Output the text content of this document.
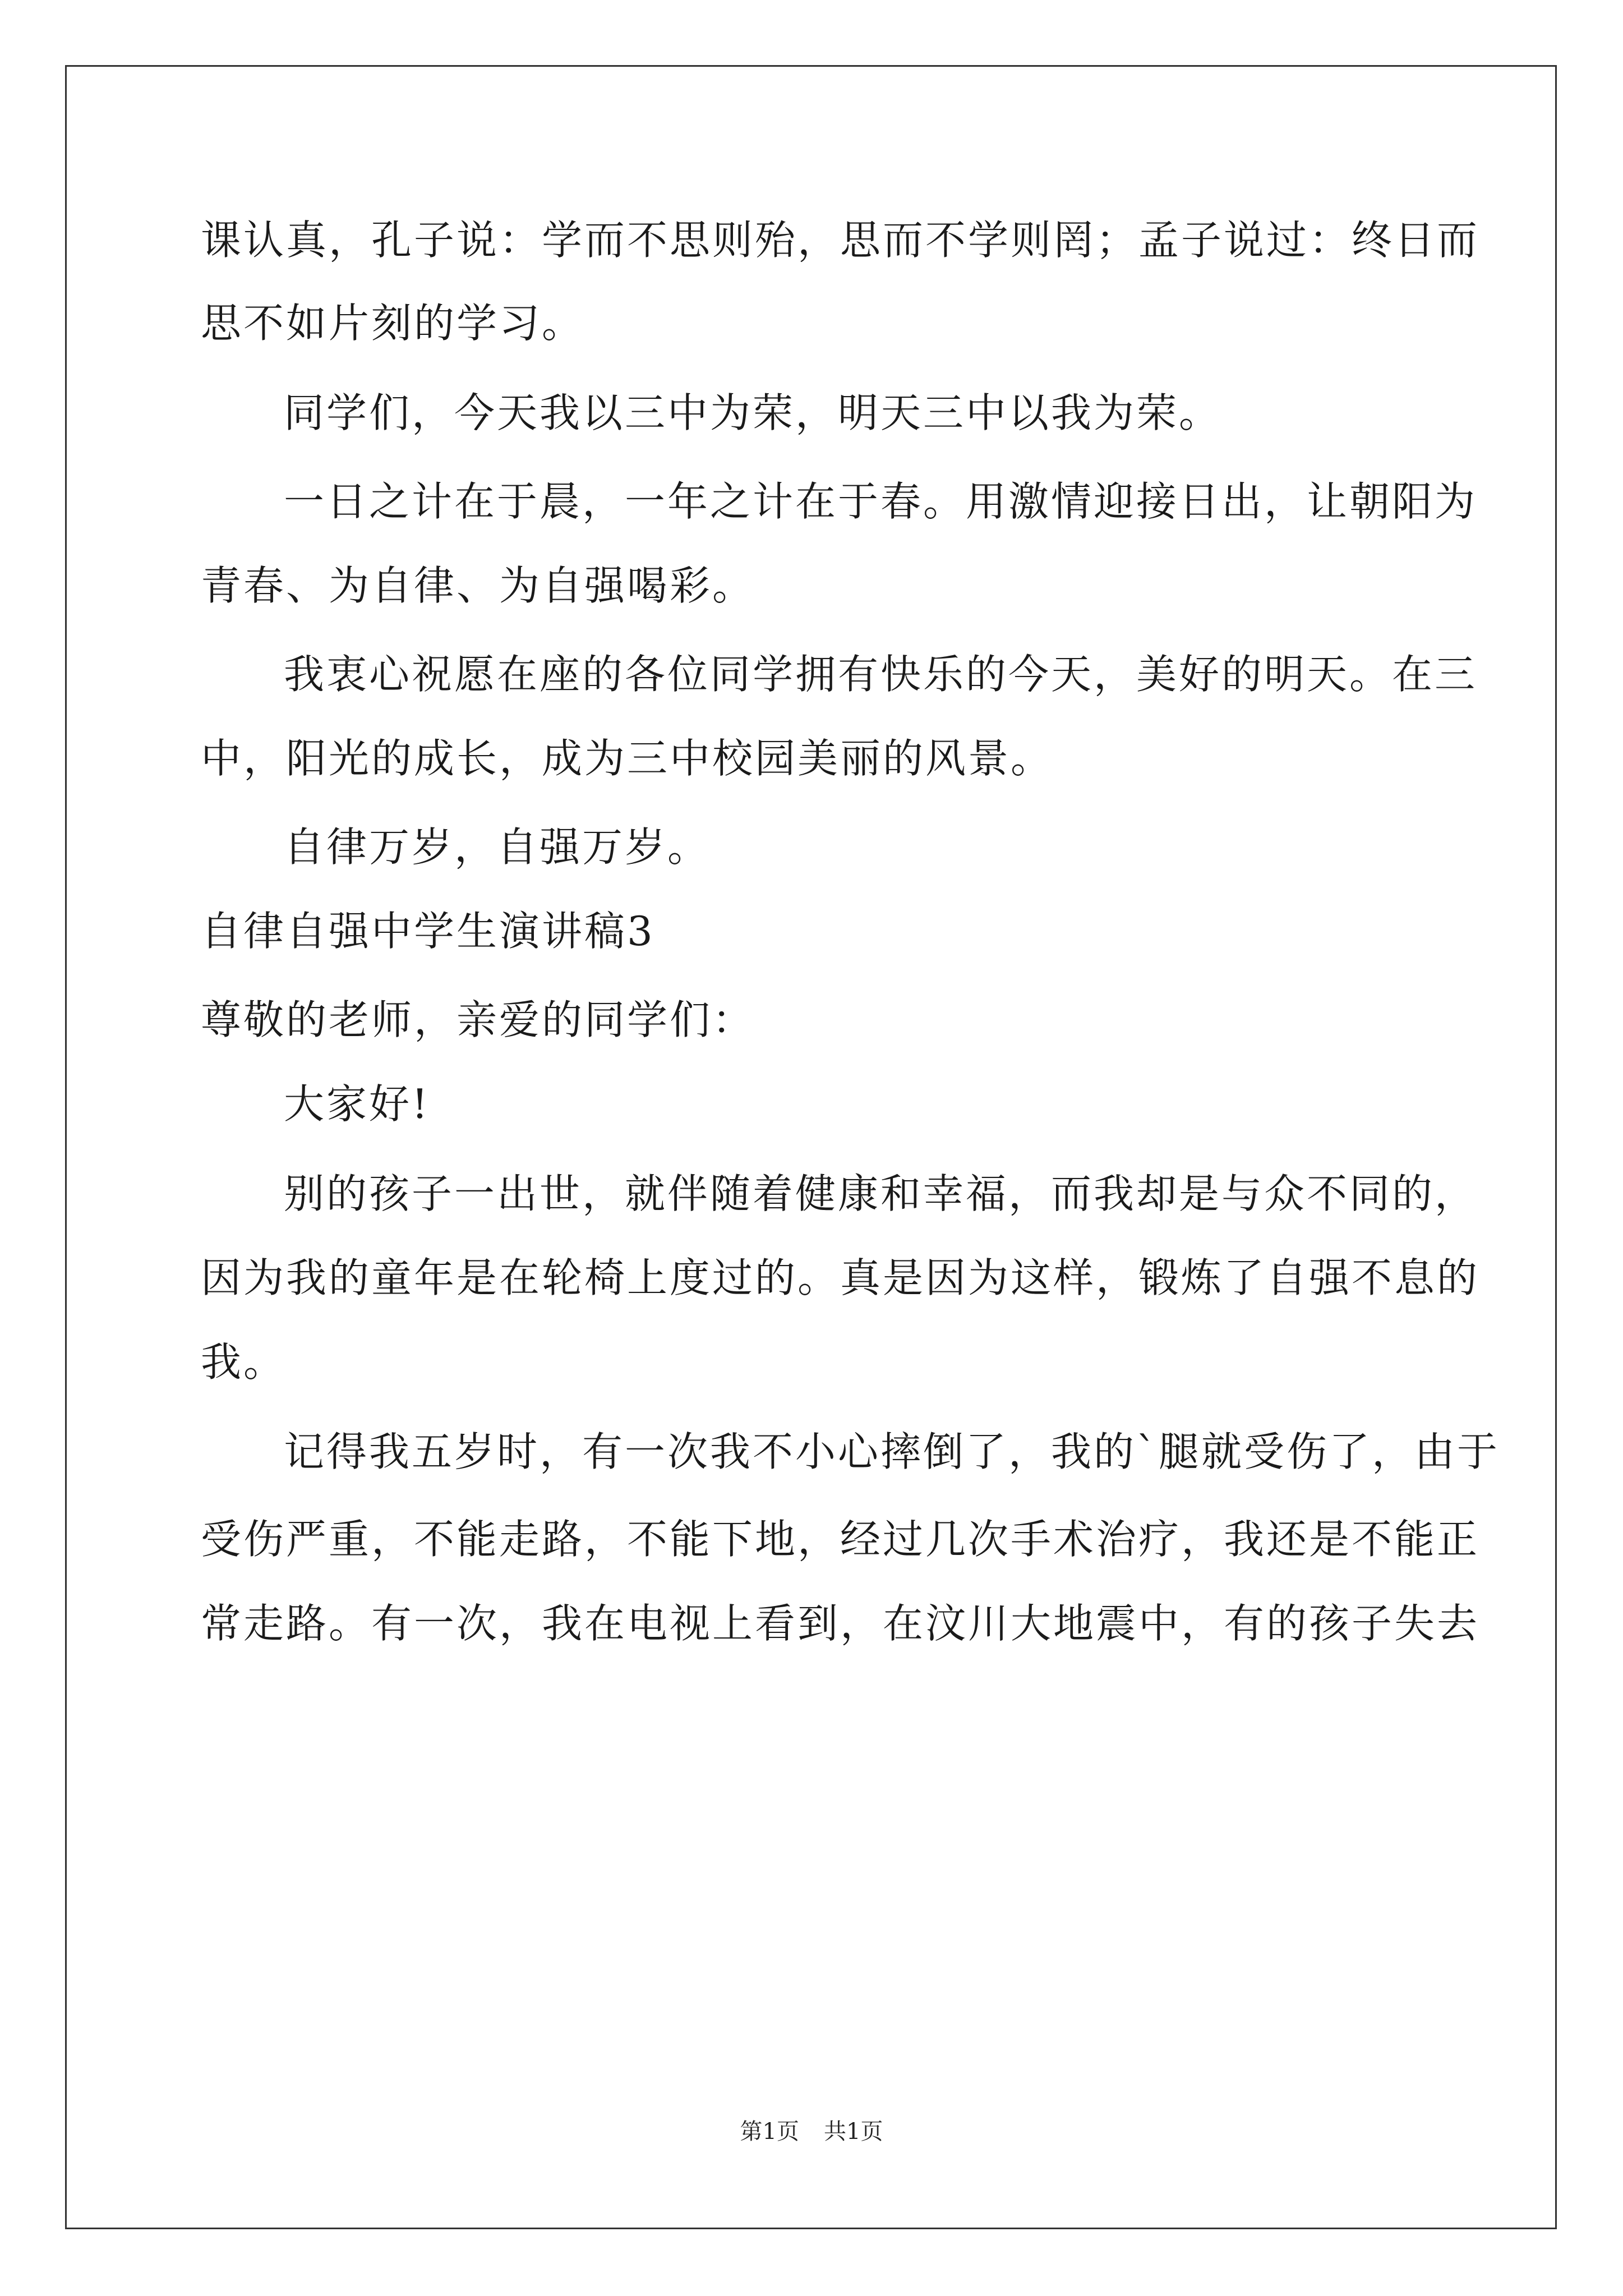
课认真，孔子说：学而不思则殆，思而不学则罔；孟子说过：终日而
思不如片刻的学习。
同学们，今天我以三中为荣，明天三中以我为荣。
一日之计在于晨，一年之计在于春。用激情迎接日出，让朝阳为
青春、为自律、为自强喝彩。
我衷心祝愿在座的各位同学拥有快乐的今天，美好的明天。在三
中，阳光的成长，成为三中校园美丽的风景。
自律万岁，自强万岁。
自律自强中学生演讲稿3
尊敬的老师，亲爱的同学们：
大家好!
别的孩子一出世，就伴随着健康和幸福，而我却是与众不同的，
因为我的童年是在轮椅上度过的。真是因为这样，锻炼了自强不息的
我。
记得我五岁时，有一次我不小心摔倒了，我的`腿就受伤了，由于
受伤严重，不能走路，不能下地，经过几次手术治疗，我还是不能正
常走路。有一次，我在电视上看到，在汶川大地震中，有的孩子失去
第1页 共1页
